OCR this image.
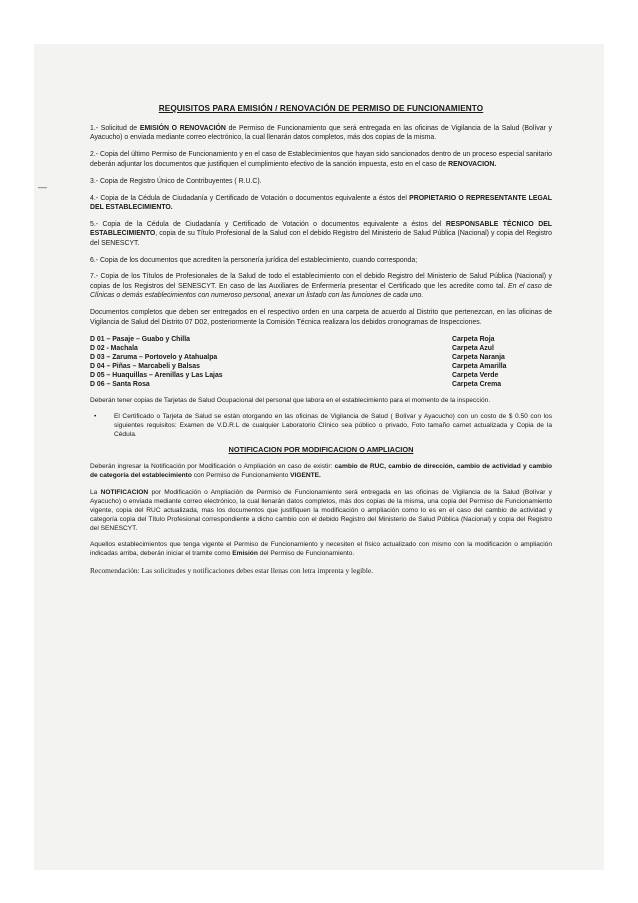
—
REQUISITOS PARA EMISIÓN / RENOVACIÓN DE PERMISO DE FUNCIONAMIENTO

1.- Solicitud de EMISIÓN O RENOVACIÓN de Permiso de Funcionamiento que será entregada en las oficinas de Vigilancia de la Salud (Bolívar y Ayacucho) o enviada mediante correo electrónico, la cual llenarán datos completos, más dos copias de la misma.

2.- Copia del último Permiso de Funcionamiento y en el caso de Establecimientos que hayan sido sancionados dentro de un proceso especial sanitario deberán adjuntar los documentos que justifiquen el cumplimiento efectivo de la sanción impuesta, esto en el caso de RENOVACION.

3.- Copia de Registro Único de Contribuyentes ( R.U.C).

4.- Copia de la Cédula de Ciudadanía y Certificado de Votación o documentos equivalente a éstos del PROPIETARIO O REPRESENTANTE LEGAL DEL ESTABLECIMIENTO.

5.- Copia de la Cédula de Ciudadanía y Certificado de Votación o documentos equivalente a éstos del RESPONSABLE TÉCNICO DEL ESTABLECIMIENTO, copia de su Título Profesional de la Salud con el debido Registro del Ministerio de Salud Pública (Nacional) y copia del Registro del SENESCYT.

6.- Copia de los documentos que acrediten la personería jurídica del establecimiento, cuando corresponda;

7.- Copia de los Títulos de Profesionales de la Salud de todo el establecimiento con el debido Registro del Ministerio de Salud Pública (Nacional) y copias de los Registros del SENESCYT. En caso de las Auxiliares de Enfermería presentar el Certificado que les acredite como tal. En el caso de Clínicas o demás establecimientos con numeroso personal, anexar un listado con las funciones de cada uno.

Documentos completos que deben ser entregados en el respectivo orden en una carpeta de acuerdo al Distrito que pertenezcan, en las oficinas de Vigilancia de Salud del Distrito 07 D02, posteriormente la Comisión Técnica realizara los debidos cronogramas de Inspecciones.

D 01 – Pasaje – Guabo y Chilla
D 02 - Machala
D 03 – Zaruma – Portovelo y Atahualpa
D 04 – Piñas – Marcabeli y Balsas
D 05 – Huaquillas – Arenillas y Las Lajas
D 06 – Santa Rosa
Carpeta Roja
Carpeta Azul
Carpeta Naranja
Carpeta Amarilla
Carpeta Verde
Carpeta Crema

Deberán tener copias de Tarjetas de Salud Ocupacional del personal que labora en el establecimiento para el momento de la inspección.

•	El Certificado o Tarjeta de Salud se están otorgando en las oficinas de Vigilancia de Salud ( Bolívar y Ayacucho) con un costo de $ 0.50 con los siguientes requisitos: Examen de V.D.R.L de cualquier Laboratorio Clínico sea público o privado, Foto tamaño carnet actualizada y Copia de la Cédula.
NOTIFICACION POR MODIFICACION O AMPLIACION

Deberán ingresar la Notificación por Modificación o Ampliación en caso de existir: cambio de RUC, cambio de dirección, cambio de actividad y cambio de categoría del establecimiento con Permiso de Funcionamiento VIGENTE.

La NOTIFICACION por Modificación o Ampliación de Permiso de Funcionamiento será entregada en las oficinas de Vigilancia de la Salud (Bolívar y Ayacucho) o enviada mediante correo electrónico, la cual llenarán datos completos, más dos copias de la misma, una copia del Permiso de Funcionamiento vigente, copia del RUC actualizada, mas los documentos que justifiquen la modificación o ampliación como lo es en el caso del cambio de actividad y categoría copia del Título Profesional correspondiente a dicho cambio con el debido Registro del Ministerio de Salud Pública (Nacional) y copia del Registro del SENESCYT.

Aquellos establecimientos que tenga vigente el Permiso de Funcionamiento y necesiten el físico actualizado con mismo con la modificación o ampliación indicadas arriba, deberán iniciar el tramite como Emisión del Permiso de Funcionamiento.

Recomendación: Las solicitudes y notificaciones debes estar llenas con letra imprenta y legible.
